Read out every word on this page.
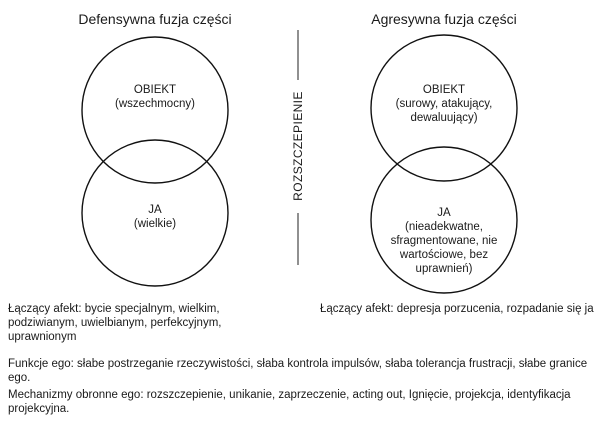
ROZSZCZEPIENIE
Defensywna fuzja części	Agresywna fuzja części
OBIEKT
(wszechmocny)
JA
(wielkie)
OBIEKT
(surowy, atakujący,
dewaluujący)
JA
(nieadekwatne,
sfragmentowane, nie
wartościowe, bez
uprawnień)
Łączący afekt: bycie specjalnym, wielkim, podziwianym, uwielbianym, perfekcyjnym, uprawnionym
Łączący afekt: depresja porzucenia, rozpadanie się ja
Funkcje ego: słabe postrzeganie rzeczywistości, słaba kontrola impulsów, słaba tolerancja frustracji, słabe granice ego.
Mechanizmy obronne ego: rozszczepienie, unikanie, zaprzeczenie, acting out, Ignięcie, projekcja, identyfikacja projekcyjna.
